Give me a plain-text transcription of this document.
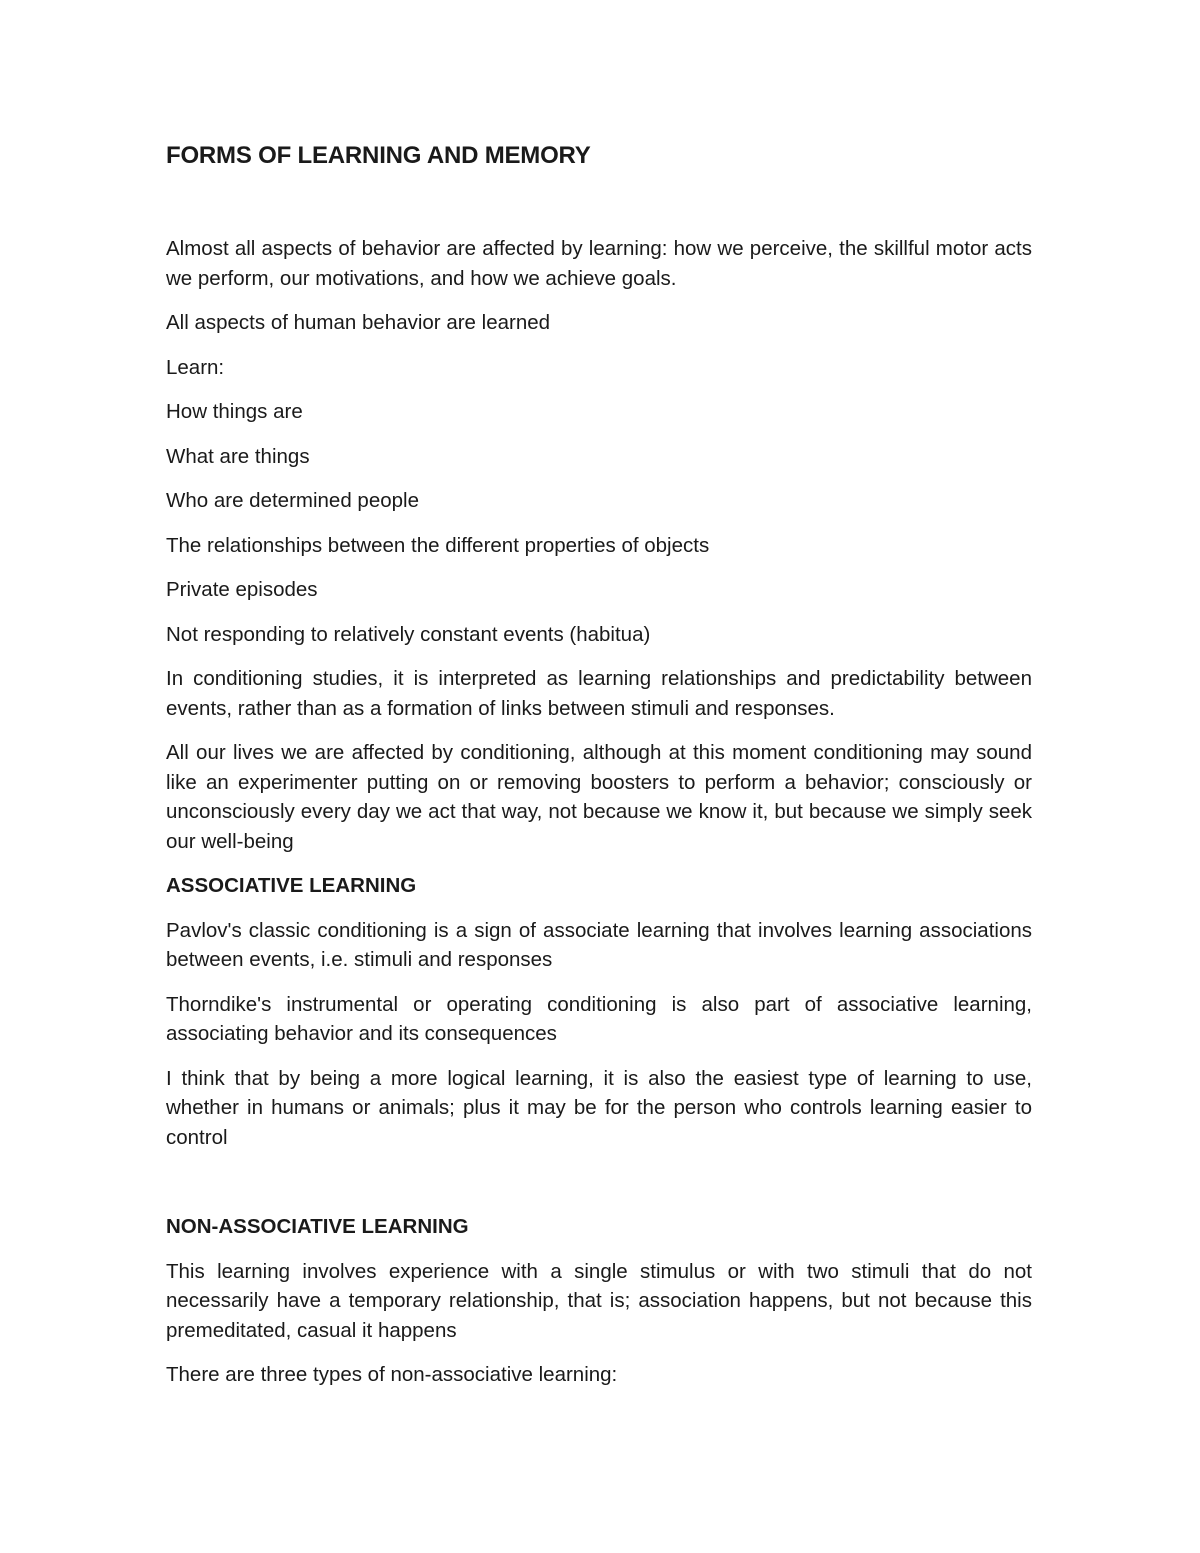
FORMS OF LEARNING AND MEMORY

Almost all aspects of behavior are affected by learning: how we perceive, the skillful motor acts we perform, our motivations, and how we achieve goals.

All aspects of human behavior are learned

Learn:

How things are

What are things

Who are determined people

The relationships between the different properties of objects

Private episodes

Not responding to relatively constant events (habitua)

In conditioning studies, it is interpreted as learning relationships and predictability between events, rather than as a formation of links between stimuli and responses.

All our lives we are affected by conditioning, although at this moment conditioning may sound like an experimenter putting on or removing boosters to perform a behavior; consciously or unconsciously every day we act that way, not because we know it, but because we simply seek our well-being

ASSOCIATIVE LEARNING

Pavlov's classic conditioning is a sign of associate learning that involves learning associations between events, i.e. stimuli and responses

Thorndike's instrumental or operating conditioning is also part of associative learning, associating behavior and its consequences

I think that by being a more logical learning, it is also the easiest type of learning to use, whether in humans or animals; plus it may be for the person who controls learning easier to control

NON-ASSOCIATIVE LEARNING

This learning involves experience with a single stimulus or with two stimuli that do not necessarily have a temporary relationship, that is; association happens, but not because this premeditated, casual it happens

There are three types of non-associative learning:
